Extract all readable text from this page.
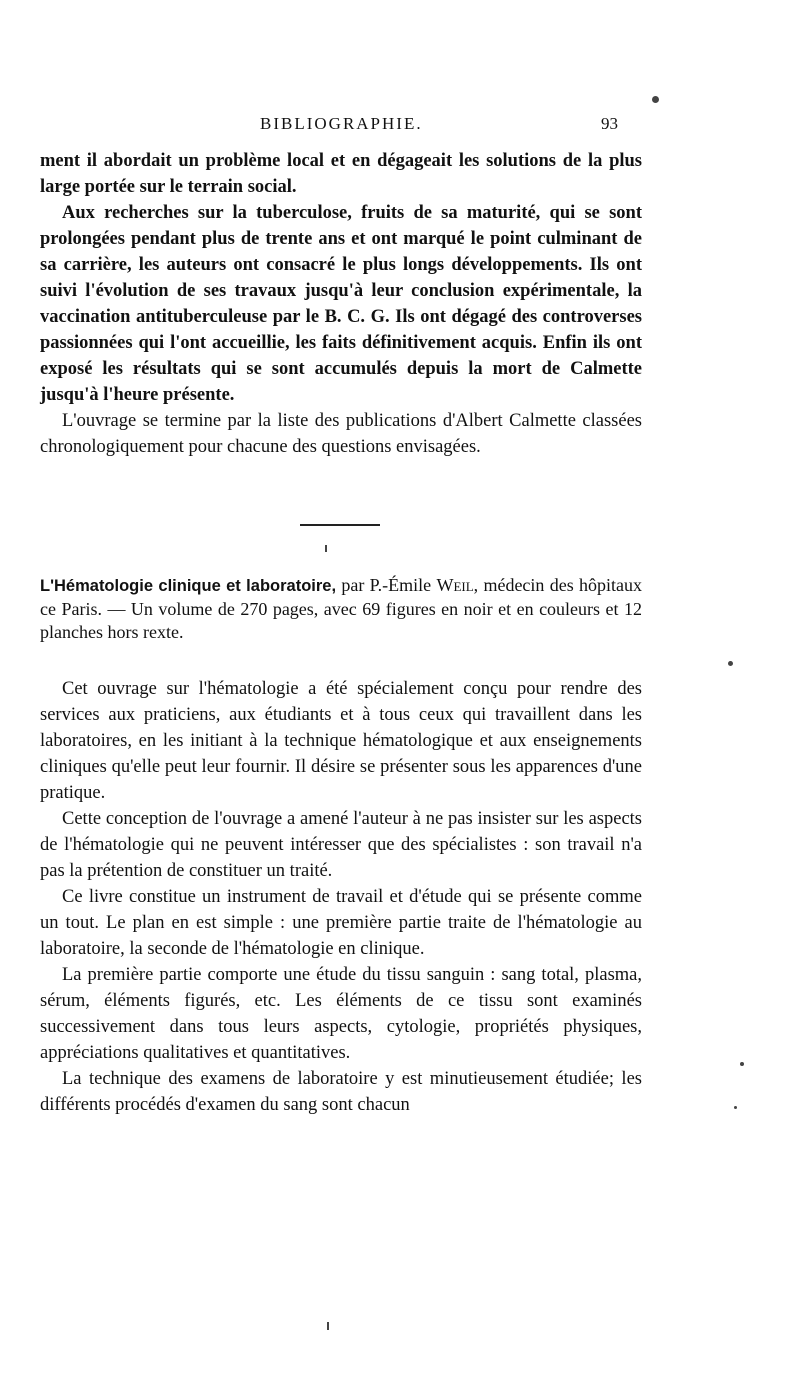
BIBLIOGRAPHIE.	93

ment il abordait un problème local et en dégageait les solutions de la plus large portée sur le terrain social.

Aux recherches sur la tuberculose, fruits de sa maturité, qui se sont prolongées pendant plus de trente ans et ont marqué le point culminant de sa carrière, les auteurs ont consacré le plus longs développements. Ils ont suivi l'évolution de ses travaux jusqu'à leur conclusion expérimentale, la vaccination antituberculeuse par le B. C. G. Ils ont dégagé des controverses passionnées qui l'ont accueillie, les faits définitivement acquis. Enfin ils ont exposé les résultats qui se sont accumulés depuis la mort de Calmette jusqu'à l'heure présente.

L'ouvrage se termine par la liste des publications d'Albert Calmette classées chronologiquement pour chacune des questions envisagées.

L'Hématologie clinique et laboratoire, par P.-Émile Weil, médecin des hôpitaux ce Paris. — Un volume de 270 pages, avec 69 figures en noir et en couleurs et 12 planches hors rexte.

Cet ouvrage sur l'hématologie a été spécialement conçu pour rendre des services aux praticiens, aux étudiants et à tous ceux qui travaillent dans les laboratoires, en les initiant à la technique hématologique et aux enseignements cliniques qu'elle peut leur fournir. Il désire se présenter sous les apparences d'une pratique.

Cette conception de l'ouvrage a amené l'auteur à ne pas insister sur les aspects de l'hématologie qui ne peuvent intéresser que des spécialistes : son travail n'a pas la prétention de constituer un traité.

Ce livre constitue un instrument de travail et d'étude qui se présente comme un tout. Le plan en est simple : une première partie traite de l'hématologie au laboratoire, la seconde de l'hématologie en clinique.

La première partie comporte une étude du tissu sanguin : sang total, plasma, sérum, éléments figurés, etc. Les éléments de ce tissu sont examinés successivement dans tous leurs aspects, cytologie, propriétés physiques, appréciations qualitatives et quantitatives.

La technique des examens de laboratoire y est minutieusement étudiée; les différents procédés d'examen du sang sont chacun
